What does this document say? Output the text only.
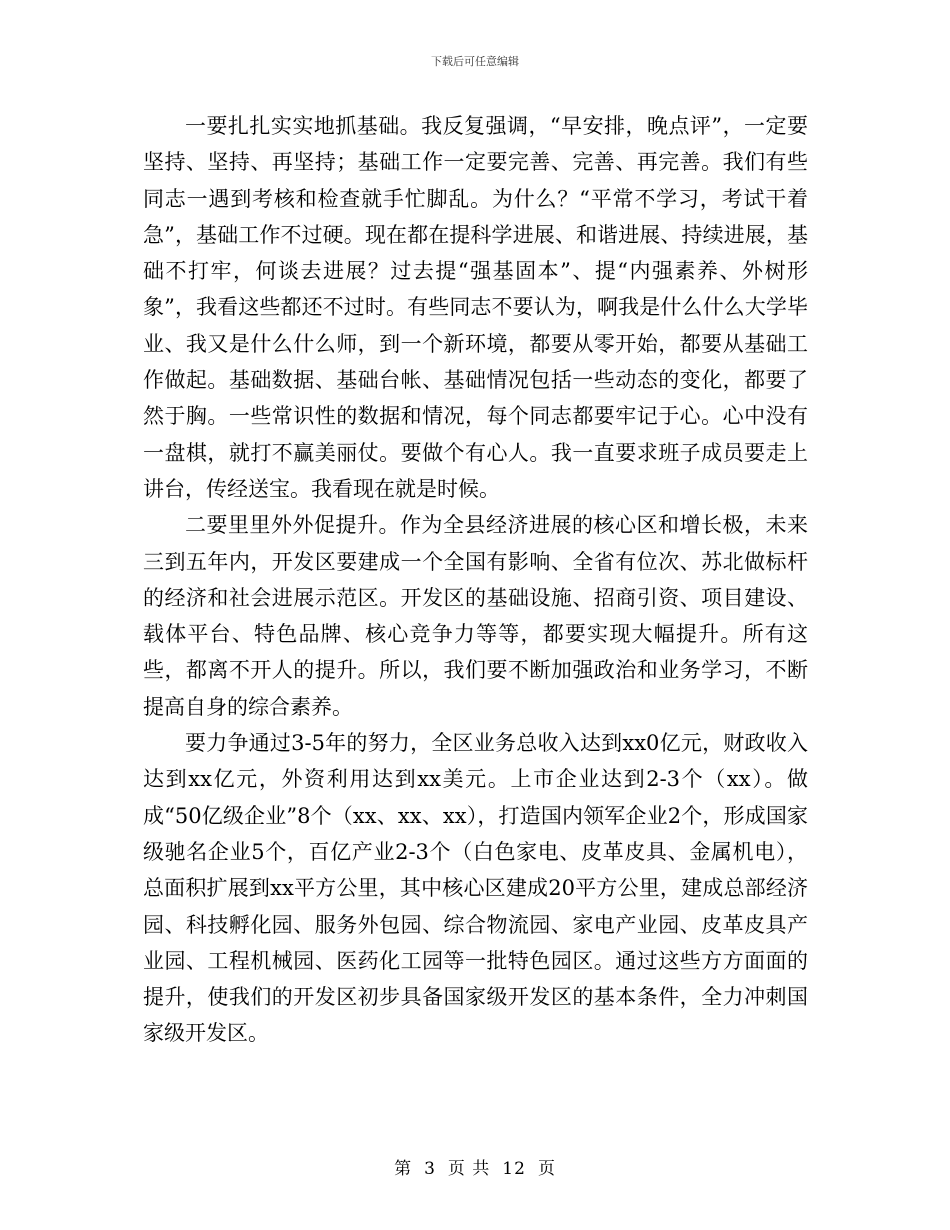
下载后可任意编辑

一要扎扎实实地抓基础。我反复强调，“早安排，晚点评”，一定要坚持、坚持、再坚持；基础工作一定要完善、完善、再完善。我们有些同志一遇到考核和检查就手忙脚乱。为什么？“平常不学习，考试干着急”，基础工作不过硬。现在都在提科学进展、和谐进展、持续进展，基础不打牢，何谈去进展？过去提“强基固本”、提“内强素养、外树形象”，我看这些都还不过时。有些同志不要认为，啊我是什么什么大学毕业、我又是什么什么师，到一个新环境，都要从零开始，都要从基础工作做起。基础数据、基础台帐、基础情况包括一些动态的变化，都要了然于胸。一些常识性的数据和情况，每个同志都要牢记于心。心中没有一盘棋，就打不赢美丽仗。要做个有心人。我一直要求班子成员要走上讲台，传经送宝。我看现在就是时候。

二要里里外外促提升。作为全县经济进展的核心区和增长极，未来三到五年内，开发区要建成一个全国有影响、全省有位次、苏北做标杆的经济和社会进展示范区。开发区的基础设施、招商引资、项目建设、载体平台、特色品牌、核心竞争力等等，都要实现大幅提升。所有这些，都离不开人的提升。所以，我们要不断加强政治和业务学习，不断提高自身的综合素养。

要力争通过3-5年的努力，全区业务总收入达到xx0亿元，财政收入达到xx亿元，外资利用达到xx美元。上市企业达到2-3个（xx）。做成“50亿级企业”8个（xx、xx、xx），打造国内领军企业2个，形成国家级驰名企业5个，百亿产业2-3个（白色家电、皮革皮具、金属机电），总面积扩展到xx平方公里，其中核心区建成20平方公里，建成总部经济园、科技孵化园、服务外包园、综合物流园、家电产业园、皮革皮具产业园、工程机械园、医药化工园等一批特色园区。通过这些方方面面的提升，使我们的开发区初步具备国家级开发区的基本条件，全力冲刺国家级开发区。

第 3 页 共 12 页
